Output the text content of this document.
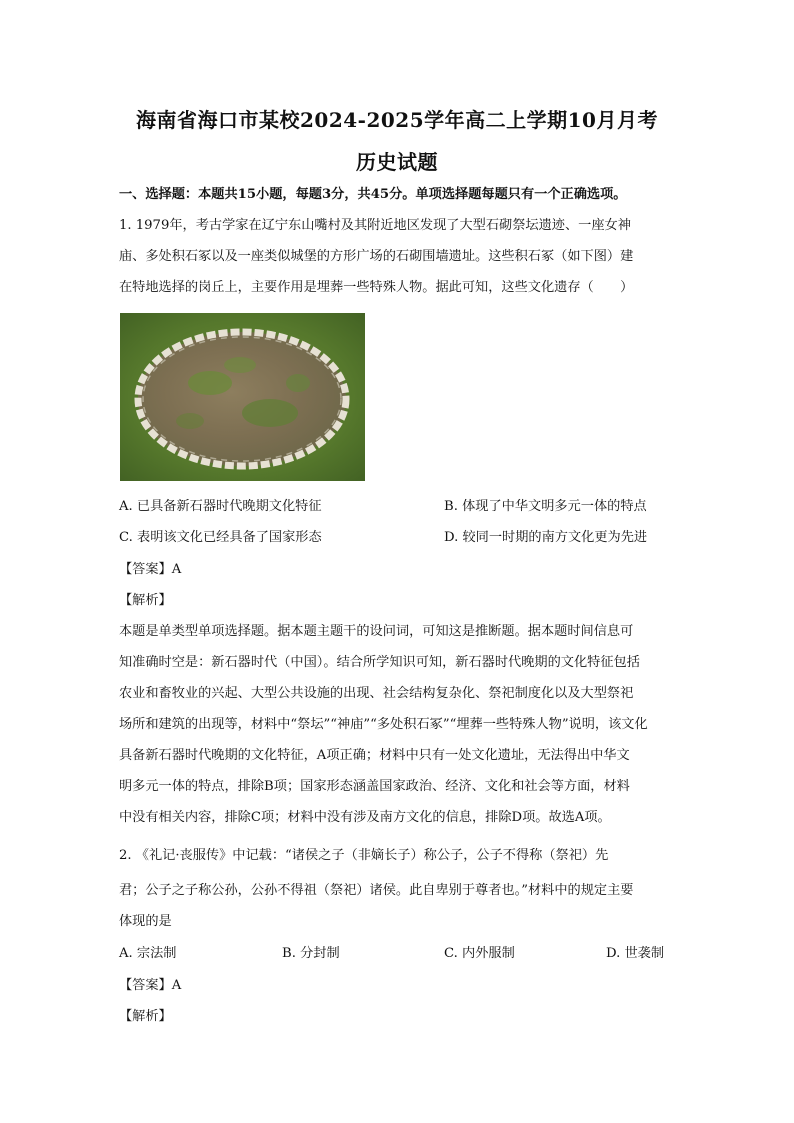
海南省海口市某校2024-2025学年高二上学期10月月考
历史试题
一、选择题：本题共15小题，每题3分，共45分。单项选择题每题只有一个正确选项。
1. 1979年，考古学家在辽宁东山嘴村及其附近地区发现了大型石砌祭坛遗迹、一座女神
庙、多处积石冢以及一座类似城堡的方形广场的石砌围墙遗址。这些积石冢（如下图）建
在特地选择的岗丘上，主要作用是埋葬一些特殊人物。据此可知，这些文化遗存（　　）
A. 已具备新石器时代晚期文化特征	B. 体现了中华文明多元一体的特点
C. 表明该文化已经具备了国家形态	D. 较同一时期的南方文化更为先进
【答案】A
【解析】
本题是单类型单项选择题。据本题主题干的设问词，可知这是推断题。据本题时间信息可
知准确时空是：新石器时代（中国）。结合所学知识可知，新石器时代晚期的文化特征包括
农业和畜牧业的兴起、大型公共设施的出现、社会结构复杂化、祭祀制度化以及大型祭祀
场所和建筑的出现等，材料中“祭坛”“神庙”“多处积石冢”“埋葬一些特殊人物”说明，该文化
具备新石器时代晚期的文化特征，A项正确；材料中只有一处文化遗址，无法得出中华文
明多元一体的特点，排除B项；国家形态涵盖国家政治、经济、文化和社会等方面，材料
中没有相关内容，排除C项；材料中没有涉及南方文化的信息，排除D项。故选A项。
2. 《礼记·丧服传》中记载：“诸侯之子（非嫡长子）称公子，公子不得称（祭祀）先
君；公子之子称公孙，公孙不得祖（祭祀）诸侯。此自卑别于尊者也。”材料中的规定主要
体现的是
A. 宗法制	B. 分封制	C. 内外服制	D. 世袭制
【答案】A
【解析】
